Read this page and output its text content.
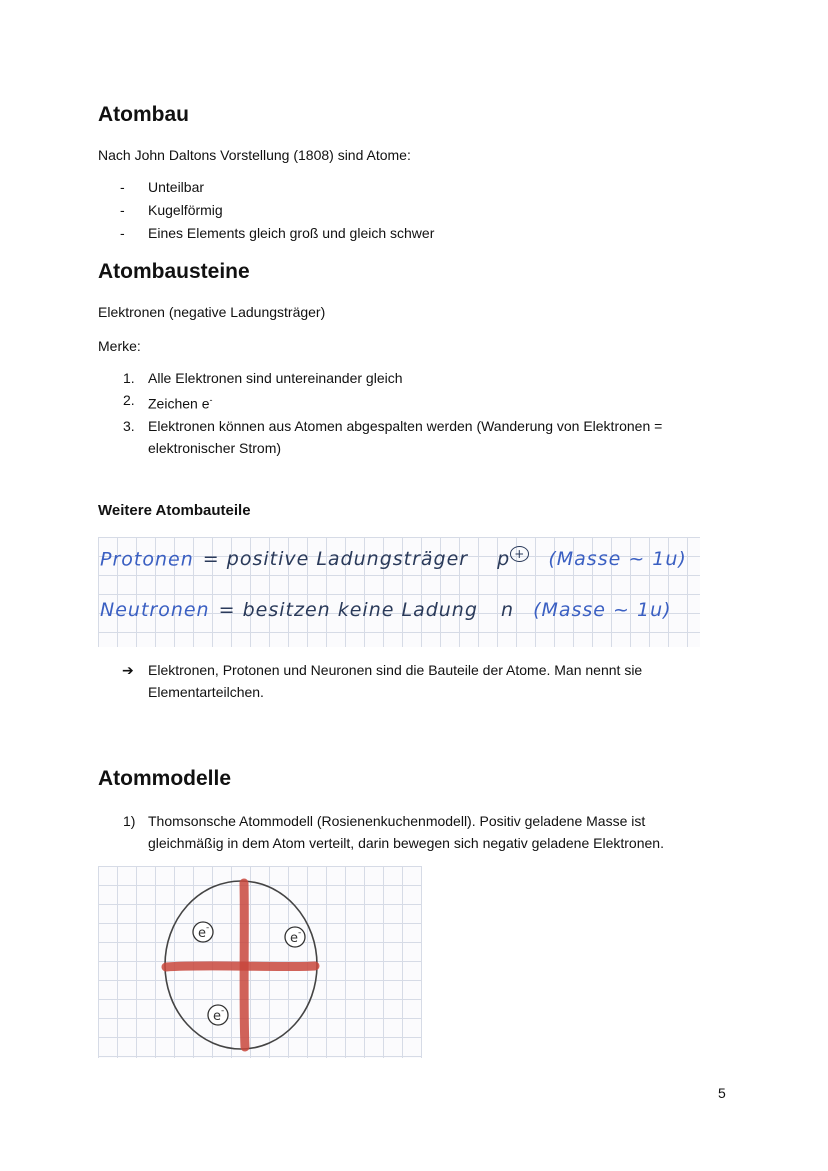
Atombau

Nach John Daltons Vorstellung (1808) sind Atome:

- Unteilbar
- Kugelförmig
- Eines Elements gleich groß und gleich schwer
Atombausteine

Elektronen (negative Ladungsträger)

Merke:

1. Alle Elektronen sind untereinander gleich
2. Zeichen e-
3. Elektronen können aus Atomen abgespalten werden (Wanderung von Elektronen = elektronischer Strom)
Weitere Atombauteile
Protonen = positive Ladungsträger p + (Masse ~ 1u)
Neutronen = besitzen keine Ladung n (Masse ~ 1u)
➔	Elektronen, Protonen und Neuronen sind die Bauteile der Atome. Man nennt sie Elementarteilchen.
Atommodelle
1) Thomsonsche Atommodell (Rosienenkuchenmodell). Positiv geladene Masse ist gleichmäßig in dem Atom verteilt, darin bewegen sich negativ geladene Elektronen.
e -
e -
e -
5
